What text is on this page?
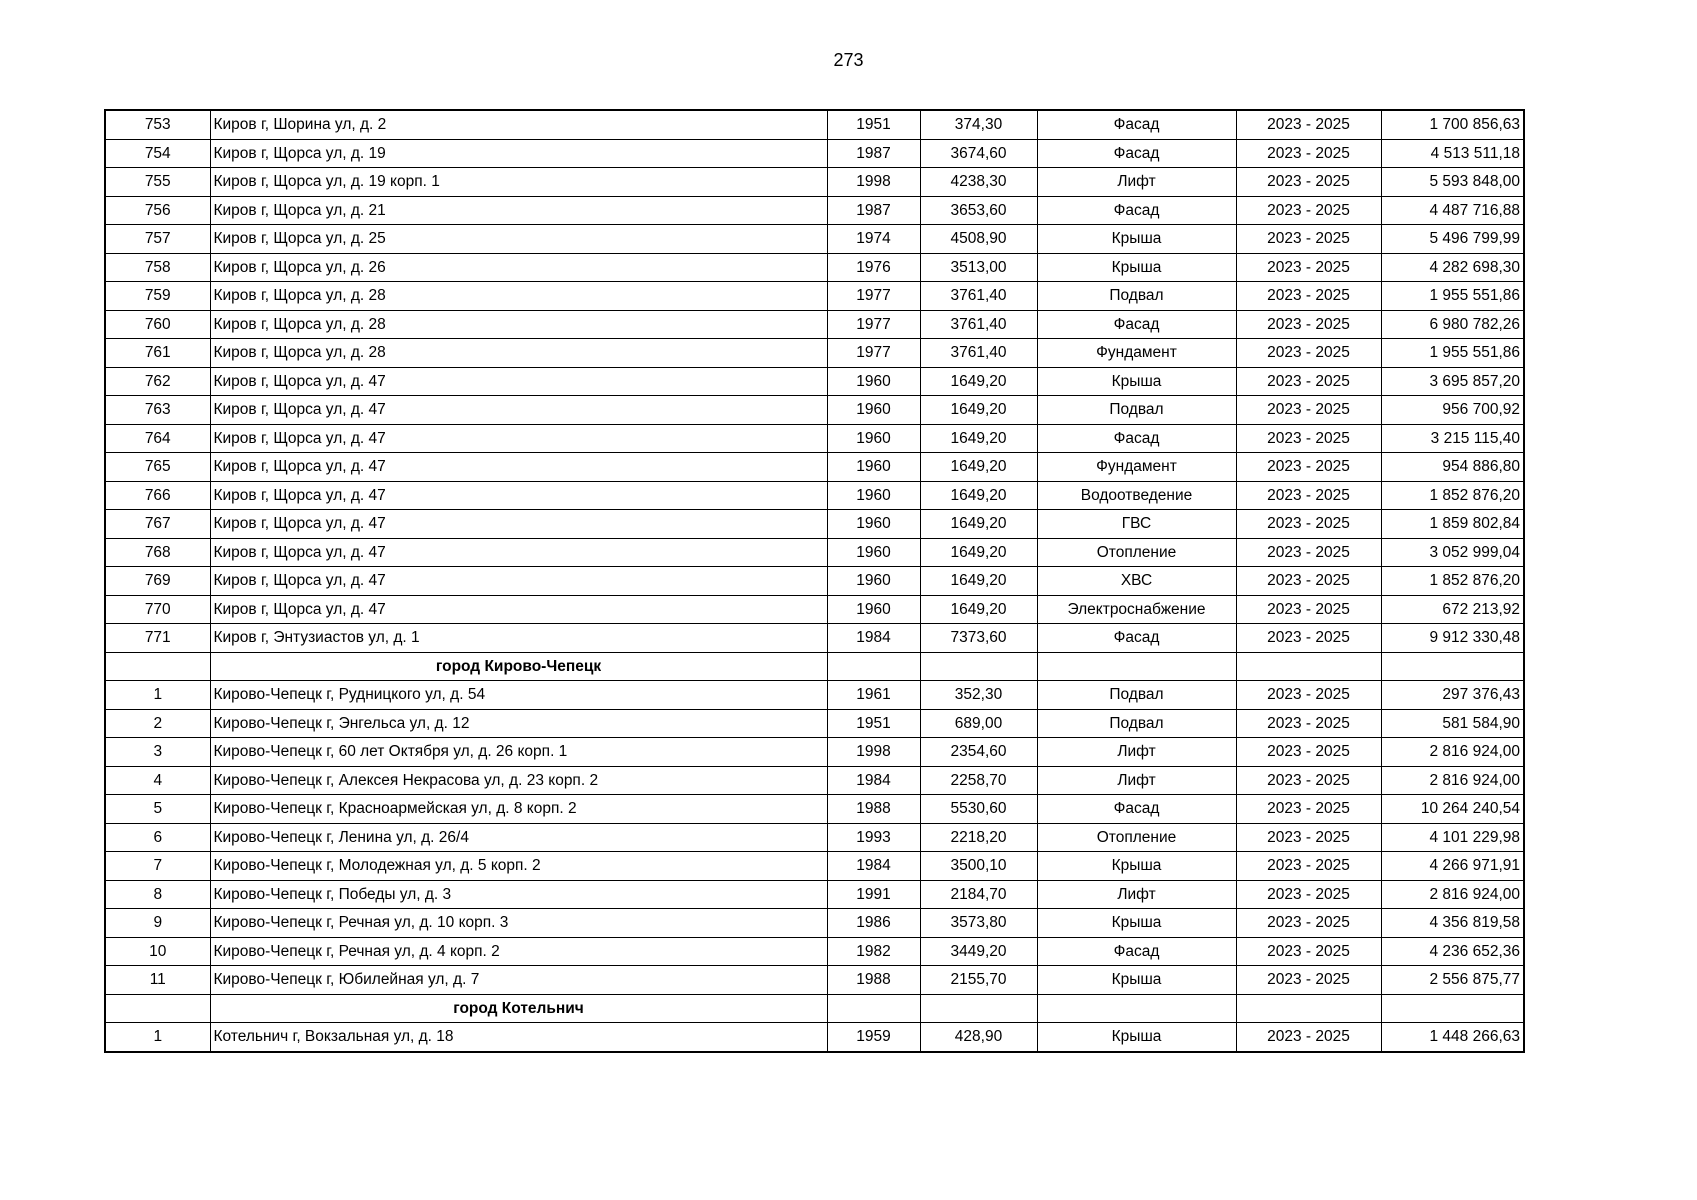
273
753	Киров г, Шорина ул, д. 2	1951	374,30	Фасад	2023 - 2025	1 700 856,63
754	Киров г, Щорса ул, д. 19	1987	3674,60	Фасад	2023 - 2025	4 513 511,18
755	Киров г, Щорса ул, д. 19 корп. 1	1998	4238,30	Лифт	2023 - 2025	5 593 848,00
756	Киров г, Щорса ул, д. 21	1987	3653,60	Фасад	2023 - 2025	4 487 716,88
757	Киров г, Щорса ул, д. 25	1974	4508,90	Крыша	2023 - 2025	5 496 799,99
758	Киров г, Щорса ул, д. 26	1976	3513,00	Крыша	2023 - 2025	4 282 698,30
759	Киров г, Щорса ул, д. 28	1977	3761,40	Подвал	2023 - 2025	1 955 551,86
760	Киров г, Щорса ул, д. 28	1977	3761,40	Фасад	2023 - 2025	6 980 782,26
761	Киров г, Щорса ул, д. 28	1977	3761,40	Фундамент	2023 - 2025	1 955 551,86
762	Киров г, Щорса ул, д. 47	1960	1649,20	Крыша	2023 - 2025	3 695 857,20
763	Киров г, Щорса ул, д. 47	1960	1649,20	Подвал	2023 - 2025	956 700,92
764	Киров г, Щорса ул, д. 47	1960	1649,20	Фасад	2023 - 2025	3 215 115,40
765	Киров г, Щорса ул, д. 47	1960	1649,20	Фундамент	2023 - 2025	954 886,80
766	Киров г, Щорса ул, д. 47	1960	1649,20	Водоотведение	2023 - 2025	1 852 876,20
767	Киров г, Щорса ул, д. 47	1960	1649,20	ГВС	2023 - 2025	1 859 802,84
768	Киров г, Щорса ул, д. 47	1960	1649,20	Отопление	2023 - 2025	3 052 999,04
769	Киров г, Щорса ул, д. 47	1960	1649,20	ХВС	2023 - 2025	1 852 876,20
770	Киров г, Щорса ул, д. 47	1960	1649,20	Электроснабжение	2023 - 2025	672 213,92
771	Киров г, Энтузиастов ул, д. 1	1984	7373,60	Фасад	2023 - 2025	9 912 330,48
	город Кирово-Чепецк					
1	Кирово-Чепецк г, Рудницкого ул, д. 54	1961	352,30	Подвал	2023 - 2025	297 376,43
2	Кирово-Чепецк г, Энгельса ул, д. 12	1951	689,00	Подвал	2023 - 2025	581 584,90
3	Кирово-Чепецк г, 60 лет Октября ул, д. 26 корп. 1	1998	2354,60	Лифт	2023 - 2025	2 816 924,00
4	Кирово-Чепецк г, Алексея Некрасова ул, д. 23 корп. 2	1984	2258,70	Лифт	2023 - 2025	2 816 924,00
5	Кирово-Чепецк г, Красноармейская ул, д. 8 корп. 2	1988	5530,60	Фасад	2023 - 2025	10 264 240,54
6	Кирово-Чепецк г, Ленина ул, д. 26/4	1993	2218,20	Отопление	2023 - 2025	4 101 229,98
7	Кирово-Чепецк г, Молодежная ул, д. 5 корп. 2	1984	3500,10	Крыша	2023 - 2025	4 266 971,91
8	Кирово-Чепецк г, Победы ул, д. 3	1991	2184,70	Лифт	2023 - 2025	2 816 924,00
9	Кирово-Чепецк г, Речная ул, д. 10 корп. 3	1986	3573,80	Крыша	2023 - 2025	4 356 819,58
10	Кирово-Чепецк г, Речная ул, д. 4 корп. 2	1982	3449,20	Фасад	2023 - 2025	4 236 652,36
11	Кирово-Чепецк г, Юбилейная ул, д. 7	1988	2155,70	Крыша	2023 - 2025	2 556 875,77
	город Котельнич					
1	Котельнич г, Вокзальная ул, д. 18	1959	428,90	Крыша	2023 - 2025	1 448 266,63
